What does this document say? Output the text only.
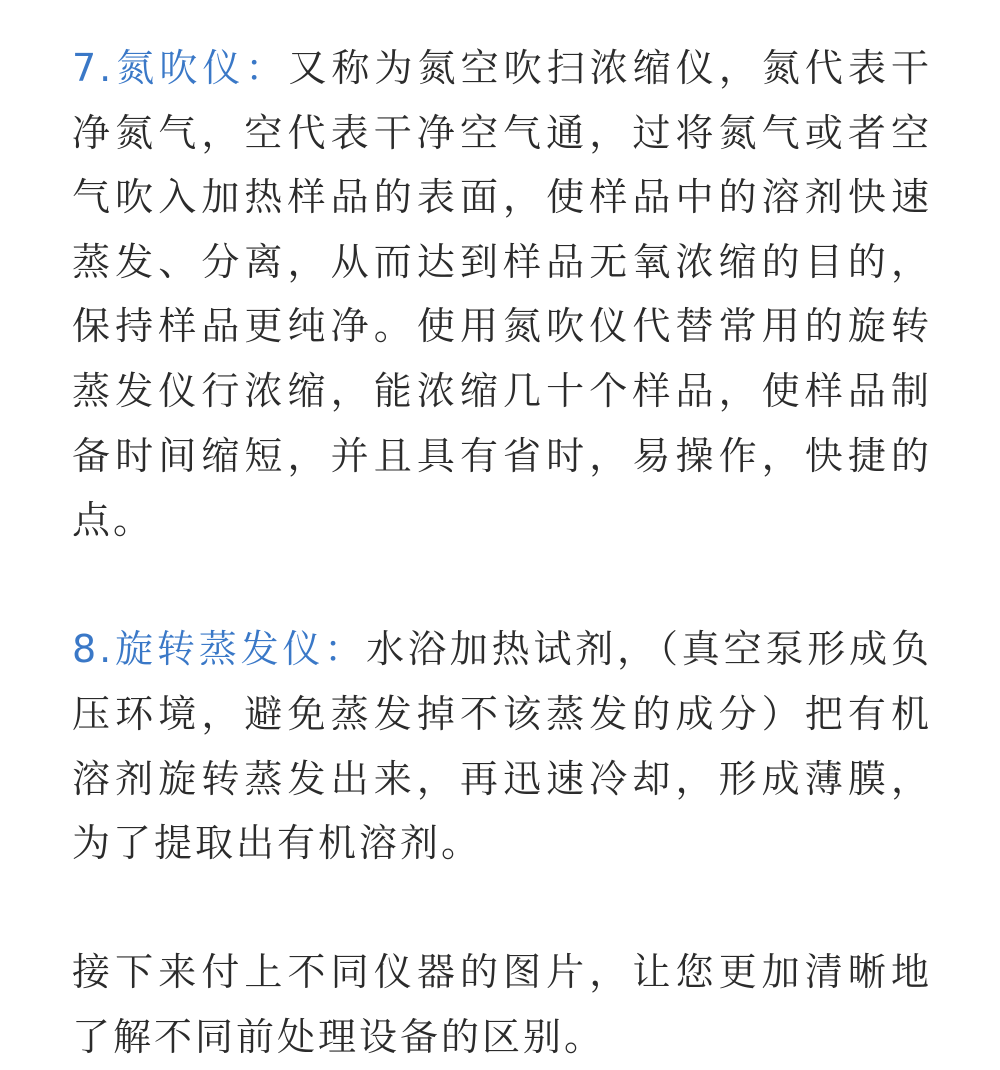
7.氮吹仪：又称为氮空吹扫浓缩仪，氮代表干净氮气，空代表干净空气通，过将氮气或者空气吹入加热样品的表面，使样品中的溶剂快速蒸发、分离，从而达到样品无氧浓缩的目的，保持样品更纯净。使用氮吹仪代替常用的旋转蒸发仪行浓缩，能浓缩几十个样品，使样品制备时间缩短，并且具有省时，易操作，快捷的点。

8.旋转蒸发仪：水浴加热试剂，（真空泵形成负压环境，避免蒸发掉不该蒸发的成分）把有机溶剂旋转蒸发出来，再迅速冷却，形成薄膜，为了提取出有机溶剂。

接下来付上不同仪器的图片，让您更加清晰地了解不同前处理设备的区别。
